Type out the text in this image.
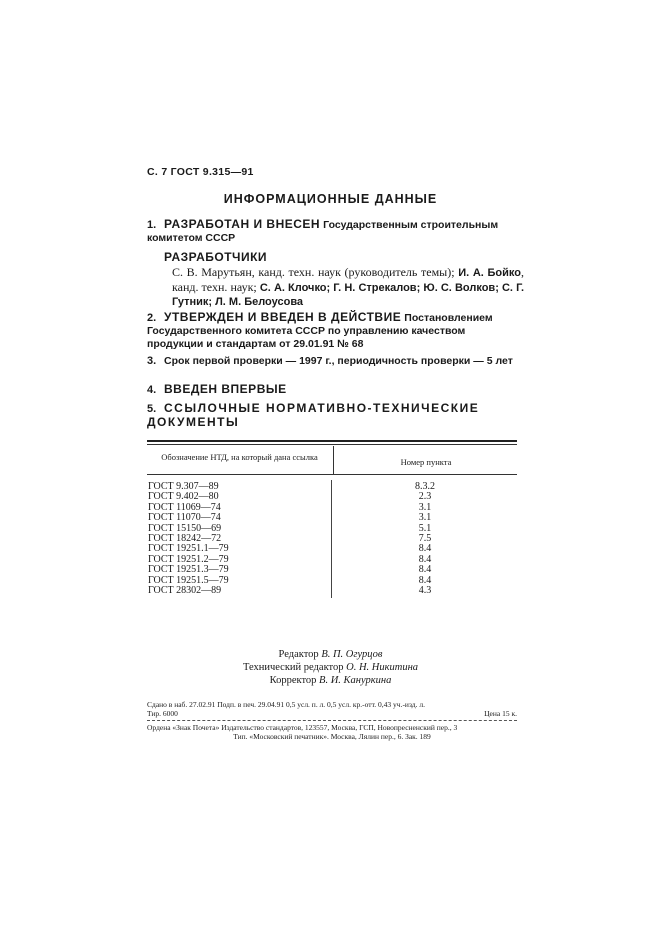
С. 7 ГОСТ 9.315—91
ИНФОРМАЦИОННЫЕ ДАННЫЕ
1. РАЗРАБОТАН И ВНЕСЕН Государственным строительным комитетом СССР
РАЗРАБОТЧИКИ
С. В. Марутьян, канд. техн. наук (руководитель темы); И. А. Бойко, канд. техн. наук; С. А. Клочко; Г. Н. Стрекалов; Ю. С. Волков; С. Г. Гутник; Л. М. Белоусова
2. УТВЕРЖДЕН И ВВЕДЕН В ДЕЙСТВИЕ Постановлением Государственного комитета СССР по управлению качеством продукции и стандартам от 29.01.91 № 68
3. Срок первой проверки — 1997 г., периодичность проверки — 5 лет
4. ВВЕДЕН ВПЕРВЫЕ
5. ССЫЛОЧНЫЕ НОРМАТИВНО-ТЕХНИЧЕСКИЕ ДОКУМЕНТЫ
Обозначение НТД, на который дана ссылка	Номер пункта
ГОСТ 9.307—89	8.3.2
ГОСТ 9.402—80	2.3
ГОСТ 11069—74	3.1
ГОСТ 11070—74	3.1
ГОСТ 15150—69	5.1
ГОСТ 18242—72	7.5
ГОСТ 19251.1—79	8.4
ГОСТ 19251.2—79	8.4
ГОСТ 19251.3—79	8.4
ГОСТ 19251.5—79	8.4
ГОСТ 28302—89	4.3
Редактор В. П. Огурцов
Технический редактор О. Н. Никитина
Корректор В. И. Кануркина
Сдано в наб. 27.02.91 Подп. в печ. 29.04.91 0,5 усл. п. л. 0,5 усл. кр.-отт. 0,43 уч.-изд. л.
Тир. 6000	Цена 15 к.
Ордена «Знак Почета» Издательство стандартов, 123557, Москва, ГСП, Новопресненский пер., 3
Тип. «Московский печатник». Москва, Лялин пер., 6. Зак. 189
